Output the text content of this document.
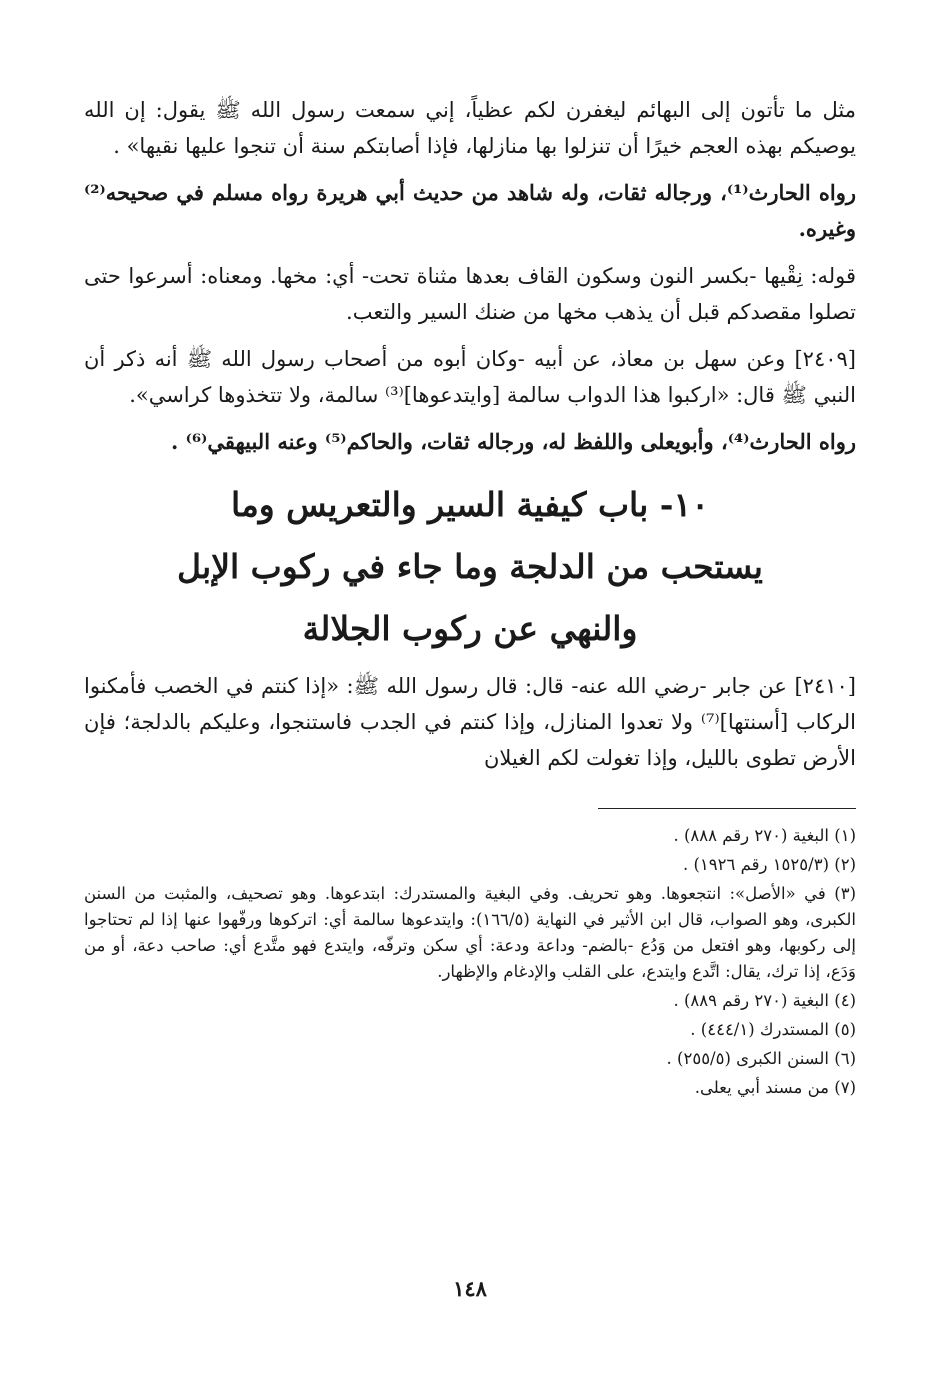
مثل ما تأتون إلى البهائم ليغفرن لكم عظياً، إني سمعت رسول الله ﷺ يقول: إن الله يوصيكم بهذه العجم خيرًا أن تنزلوا بها منازلها، فإذا أصابتكم سنة أن تنجوا عليها نقيها» .

رواه الحارث⁽¹⁾، ورجاله ثقات، وله شاهد من حديث أبي هريرة رواه مسلم في صحيحه⁽²⁾ وغيره.

قوله: نِقْيها -بكسر النون وسكون القاف بعدها مثناة تحت- أي: مخها. ومعناه: أسرعوا حتى تصلوا مقصدكم قبل أن يذهب مخها من ضنك السير والتعب.

[٢٤٠٩] وعن سهل بن معاذ، عن أبيه -وكان أبوه من أصحاب رسول الله ﷺ أنه ذكر أن النبي ﷺ قال: «اركبوا هذا الدواب سالمة [وايتدعوها]⁽³⁾ سالمة، ولا تتخذوها كراسي».

رواه الحارث⁽⁴⁾، وأبويعلى واللفظ له، ورجاله ثقات، والحاكم⁽⁵⁾ وعنه البيهقي⁽⁶⁾ .

١٠- باب كيفية السير والتعريس وما
يستحب من الدلجة وما جاء في ركوب الإبل
والنهي عن ركوب الجلالة

[٢٤١٠] عن جابر -رضي الله عنه- قال: قال رسول الله ﷺ: «إذا كنتم في الخصب فأمكنوا الركاب [أسنتها]⁽⁷⁾ ولا تعدوا المنازل، وإذا كنتم في الجدب فاستنجوا، وعليكم بالدلجة؛ فإن الأرض تطوى بالليل، وإذا تغولت لكم الغيلان

(١) البغية (٢٧٠ رقم ٨٨٨) .
(٢) (١٥٢٥/٣ رقم ١٩٢٦) .
(٣) في «الأصل»: انتجعوها. وهو تحريف. وفي البغية والمستدرك: ابتدعوها. وهو تصحيف، والمثبت من السنن الكبرى، وهو الصواب، قال ابن الأثير في النهاية (١٦٦/٥): وايتدعوها سالمة أي: اتركوها ورفّهوا عنها إذا لم تحتاجوا إلى ركوبها، وهو افتعل من وَدُع -بالضم- وداعة ودعة: أي سكن وترفّه، وايتدع فهو متَّدع أي: صاحب دعة، أو من وَدَع، إذا ترك، يقال: اتَّدع وايتدع، على القلب والإدغام والإظهار.
(٤) البغية (٢٧٠ رقم ٨٨٩) .
(٥) المستدرك (٤٤٤/١) .
(٦) السنن الكبرى (٢٥٥/٥) .
(٧) من مسند أبي يعلى.
١٤٨
